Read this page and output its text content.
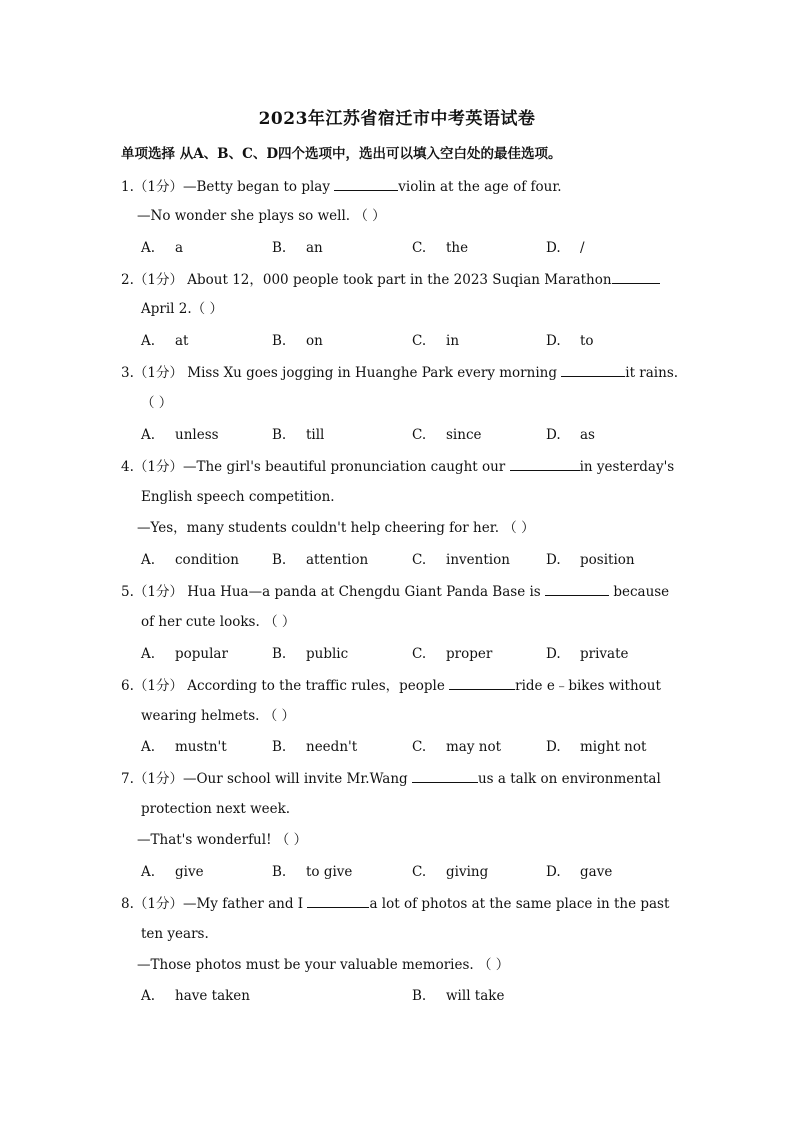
2023年江苏省宿迁市中考英语试卷
单项选择 从A、B、C、D四个选项中，选出可以填入空白处的最佳选项。
1.（1分）—Betty began to play	violin at the age of four.
—No wonder she plays so well. （ ）
A. a	B. an	C. the	D. /
2.（1分） About 12，000 people took part in the 2023 Suqian Marathon
April 2.（ ）
A. at	B. on	C. in	D. to
3.（1分） Miss Xu goes jogging in Huanghe Park every morning	it rains.
（ ）
A. unless	B. till	C. since	D. as
4.（1分）—The girl's beautiful pronunciation caught our	in yesterday's
English speech competition.
—Yes，many students couldn't help cheering for her. （ ）
A. condition B. attention	C. invention	D. position
5.（1分） Hua Hua—a panda at Chengdu Giant Panda Base is	because
of her cute looks. （ ）
A. popular	B. public	C. proper	D. private
6.（1分） According to the traffic rules，people	ride e﹣bikes without
wearing helmets. （ ）
A. mustn't	B. needn't	C. may not	D. might not
7.（1分）—Our school will invite Mr.Wang	us a talk on environmental
protection next week.
—That's wonderful! （ ）
A. give	B. to give	C. giving	D. gave
8.（1分）—My father and I	a lot of photos at the same place in the past
ten years.
—Those photos must be your valuable memories. （ ）
A. have taken	B. will take
